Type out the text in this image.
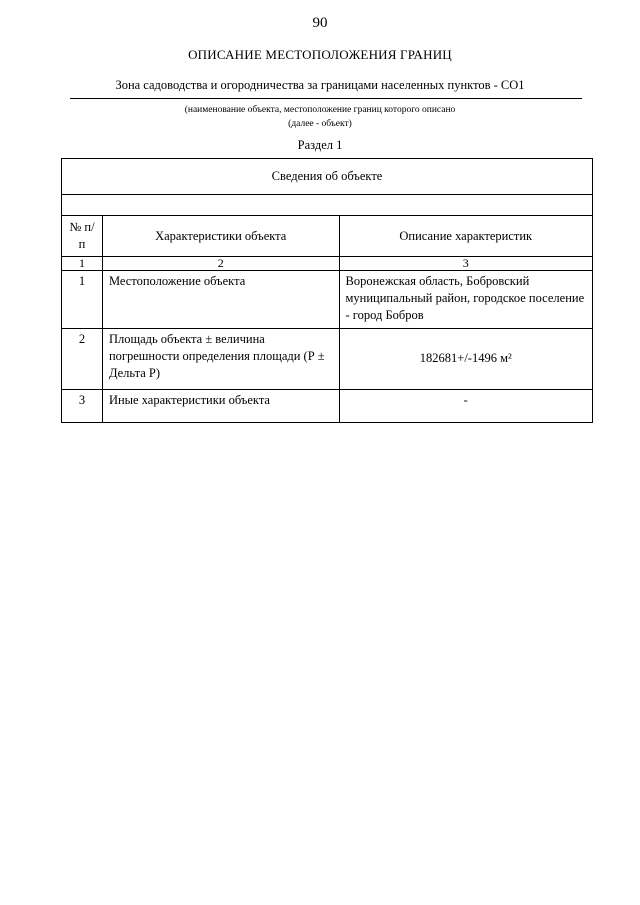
90
ОПИСАНИЕ МЕСТОПОЛОЖЕНИЯ ГРАНИЦ
Зона садоводства и огородничества за границами населенных пунктов - СО1
(наименование объекта, местоположение границ которого описано
(далее - объект)
Раздел 1
Сведения об объекте		

№ п/п	Характеристики объекта	Описание характеристик
1	2	3
1	Местоположение объекта	Воронежская область, Бобровский муниципальный район, городское поселение - город Бобров
2	Площадь объекта ± величина погрешности определения площади (Р ± Дельта Р)	182681+/-1496 м²
3	Иные характеристики объекта	-
